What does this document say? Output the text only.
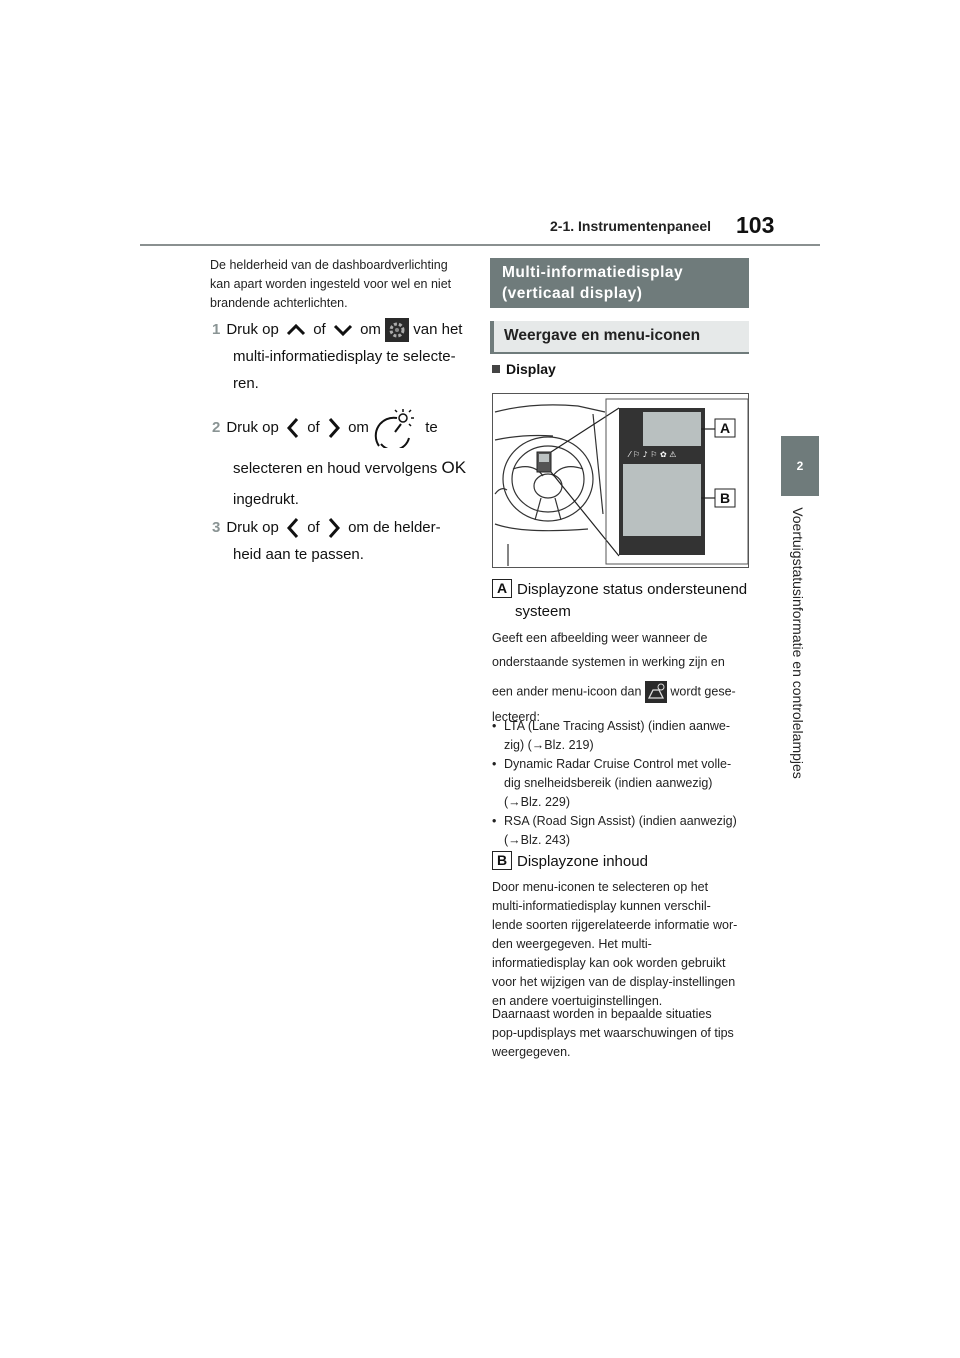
2-1. Instrumentenpaneel 103
2
Voertuigstatusinformatie en controlelampjes
De helderheid van de dashboardverlichting
kan apart worden ingesteld voor wel en niet
brandende achterlichten.
1 Druk op of om van het
multi-informatiedisplay te selecte-
ren.
2 Druk op of om	te
selecteren en houd vervolgens OK
ingedrukt.
3 Druk op of om de helder-
heid aan te passen.
Multi-informatiedisplay
(verticaal display)
Weergave en menu-iconen
Display
⁄ ⚐ ♪ ⚐ ✿ ⚠
A
B
A Displayzone status ondersteunend
systeem
Geeft een afbeelding weer wanneer de
onderstaande systemen in werking zijn en
een ander menu-icoon dan wordt gese-
lecteerd:

• LTA (Lane Tracing Assist) (indien aanwe-
zig) (→Blz. 219)

• Dynamic Radar Cruise Control met volle-
dig snelheidsbereik (indien aanwezig)
(→Blz. 229)

• RSA (Road Sign Assist) (indien aanwezig)
(→Blz. 243)

B Displayzone inhoud
Door menu-iconen te selecteren op het
multi-informatiedisplay kunnen verschil-
lende soorten rijgerelateerde informatie wor-
den weergegeven. Het multi-
informatiedisplay kan ook worden gebruikt
voor het wijzigen van de display-instellingen
en andere voertuiginstellingen.
Daarnaast worden in bepaalde situaties
pop-updisplays met waarschuwingen of tips
weergegeven.
